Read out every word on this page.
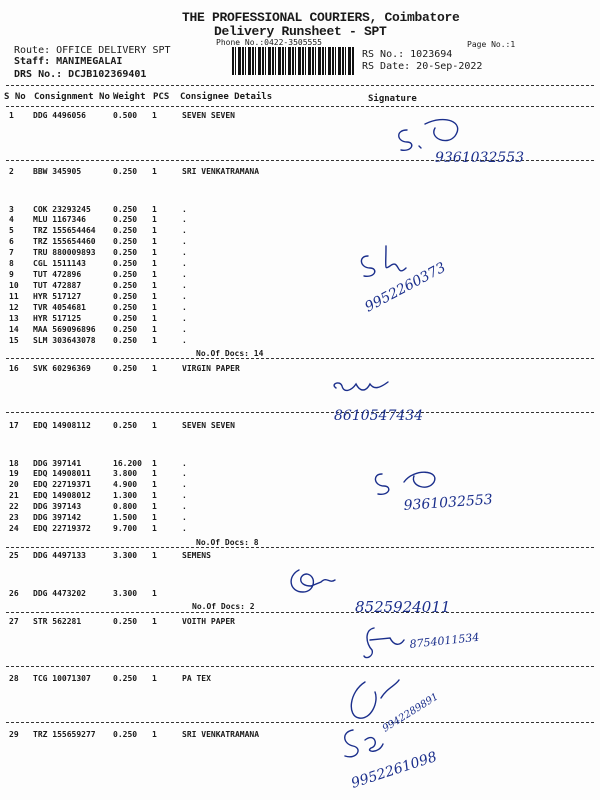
THE PROFESSIONAL COURIERS, Coimbatore
Delivery Runsheet - SPT
Phone No.:0422-3505555	Page No.:1
Route: OFFICE DELIVERY SPT
Staff: MANIMEGALAI
DRS No.: DCJB102369401
RS No.: 1023694
RS Date: 20-Sep-2022
S No Consignment No Weight PCS Consignee Details	Signature
1 DDG 4496056	0.500 1	SEVEN SEVEN
2 BBW 345905	0.250 1	SRI VENKATRAMANA
3 COK 23293245	0.250 1	.
4 MLU 1167346	0.250 1	.
5 TRZ 155654464 0.250 1	.
6 TRZ 155654460 0.250 1	.
7 TRU 880009893 0.250 1	.
8 CGL 1511143	0.250 1	.
9 TUT 472896	0.250 1	.
10 TUT 472887	0.250 1	.
11 HYR 517127	0.250 1	.
12 TVR 4054681	0.250 1	.
13 HYR 517125	0.250 1	.
14 MAA 569096896 0.250 1	.
15 SLM 303643078 0.250 1	.
No.Of Docs: 14
16 SVK 60296369	0.250 1	VIRGIN PAPER
17 EDQ 14908112	0.250 1	SEVEN SEVEN
18 DDG 397141	16.200 1	.
19 EDQ 14908011	3.800 1	.
20 EDQ 22719371	4.900 1	.
21 EDQ 14908012	1.300 1	.
22 DDG 397143	0.800 1	.
23 DDG 397142	1.500 1	.
24 EDQ 22719372	9.700 1	.
No.Of Docs: 8
25 DDG 4497133	3.300 1	SEMENS
26 DDG 4473202	3.300 1
No.Of Docs: 2
27 STR 562281	0.250 1	VOITH PAPER
28 TCG 10071307	0.250 1	PA TEX
29 TRZ 155659277 0.250 1	SRI VENKATRAMANA
9361032553
9952260373
8610547434
9361032553
8525924011
8754011534
9942289891
9952261098
